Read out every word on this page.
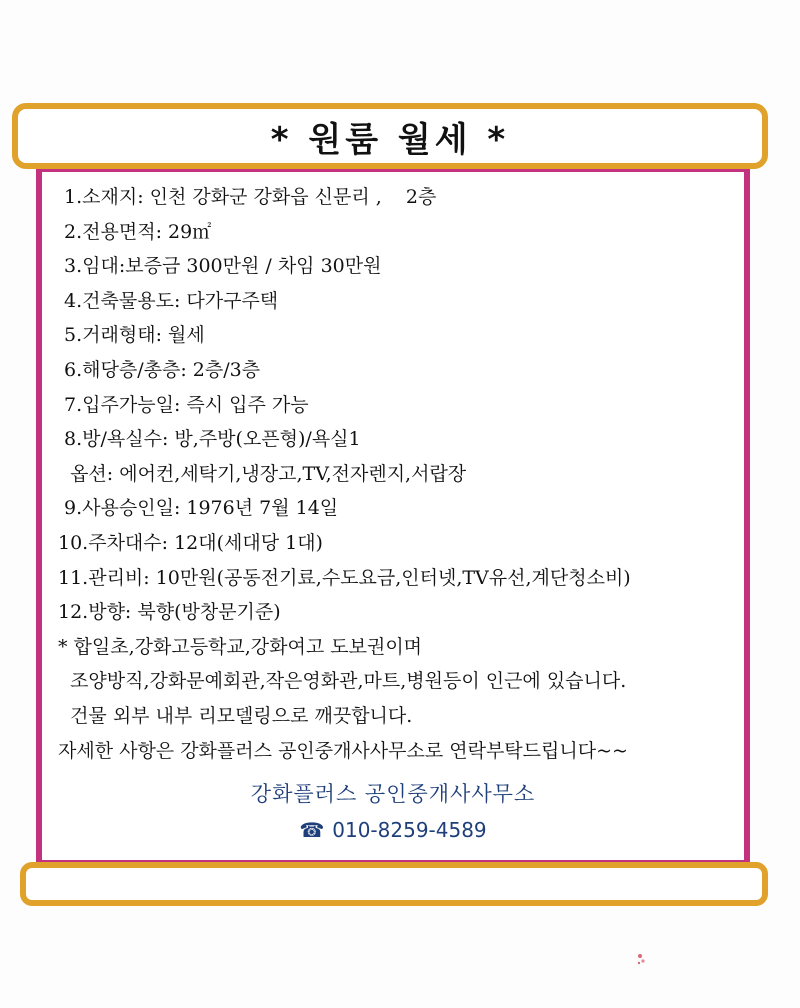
* 원룸 월세 *
1.소재지: 인천 강화군 강화읍 신문리 ,    2층
2.전용면적: 29㎡
3.임대:보증금 300만원 / 차임 30만원
4.건축물용도: 다가구주택
5.거래형태: 월세
6.해당층/총층: 2층/3층
7.입주가능일: 즉시 입주 가능
8.방/욕실수: 방,주방(오픈형)/욕실1
옵션: 에어컨,세탁기,냉장고,TV,전자렌지,서랍장
9.사용승인일: 1976년 7월 14일
10.주차대수: 12대(세대당 1대)
11.관리비: 10만원(공동전기료,수도요금,인터넷,TV유선,계단청소비)
12.방향: 북향(방창문기준)
* 합일초,강화고등학교,강화여고 도보권이며
조양방직,강화문예회관,작은영화관,마트,병원등이 인근에 있습니다.
건물 외부 내부 리모델링으로 깨끗합니다.
자세한 사항은 강화플러스 공인중개사사무소로 연락부탁드립니다~~
강화플러스 공인중개사사무소
☎ 010-8259-4589
